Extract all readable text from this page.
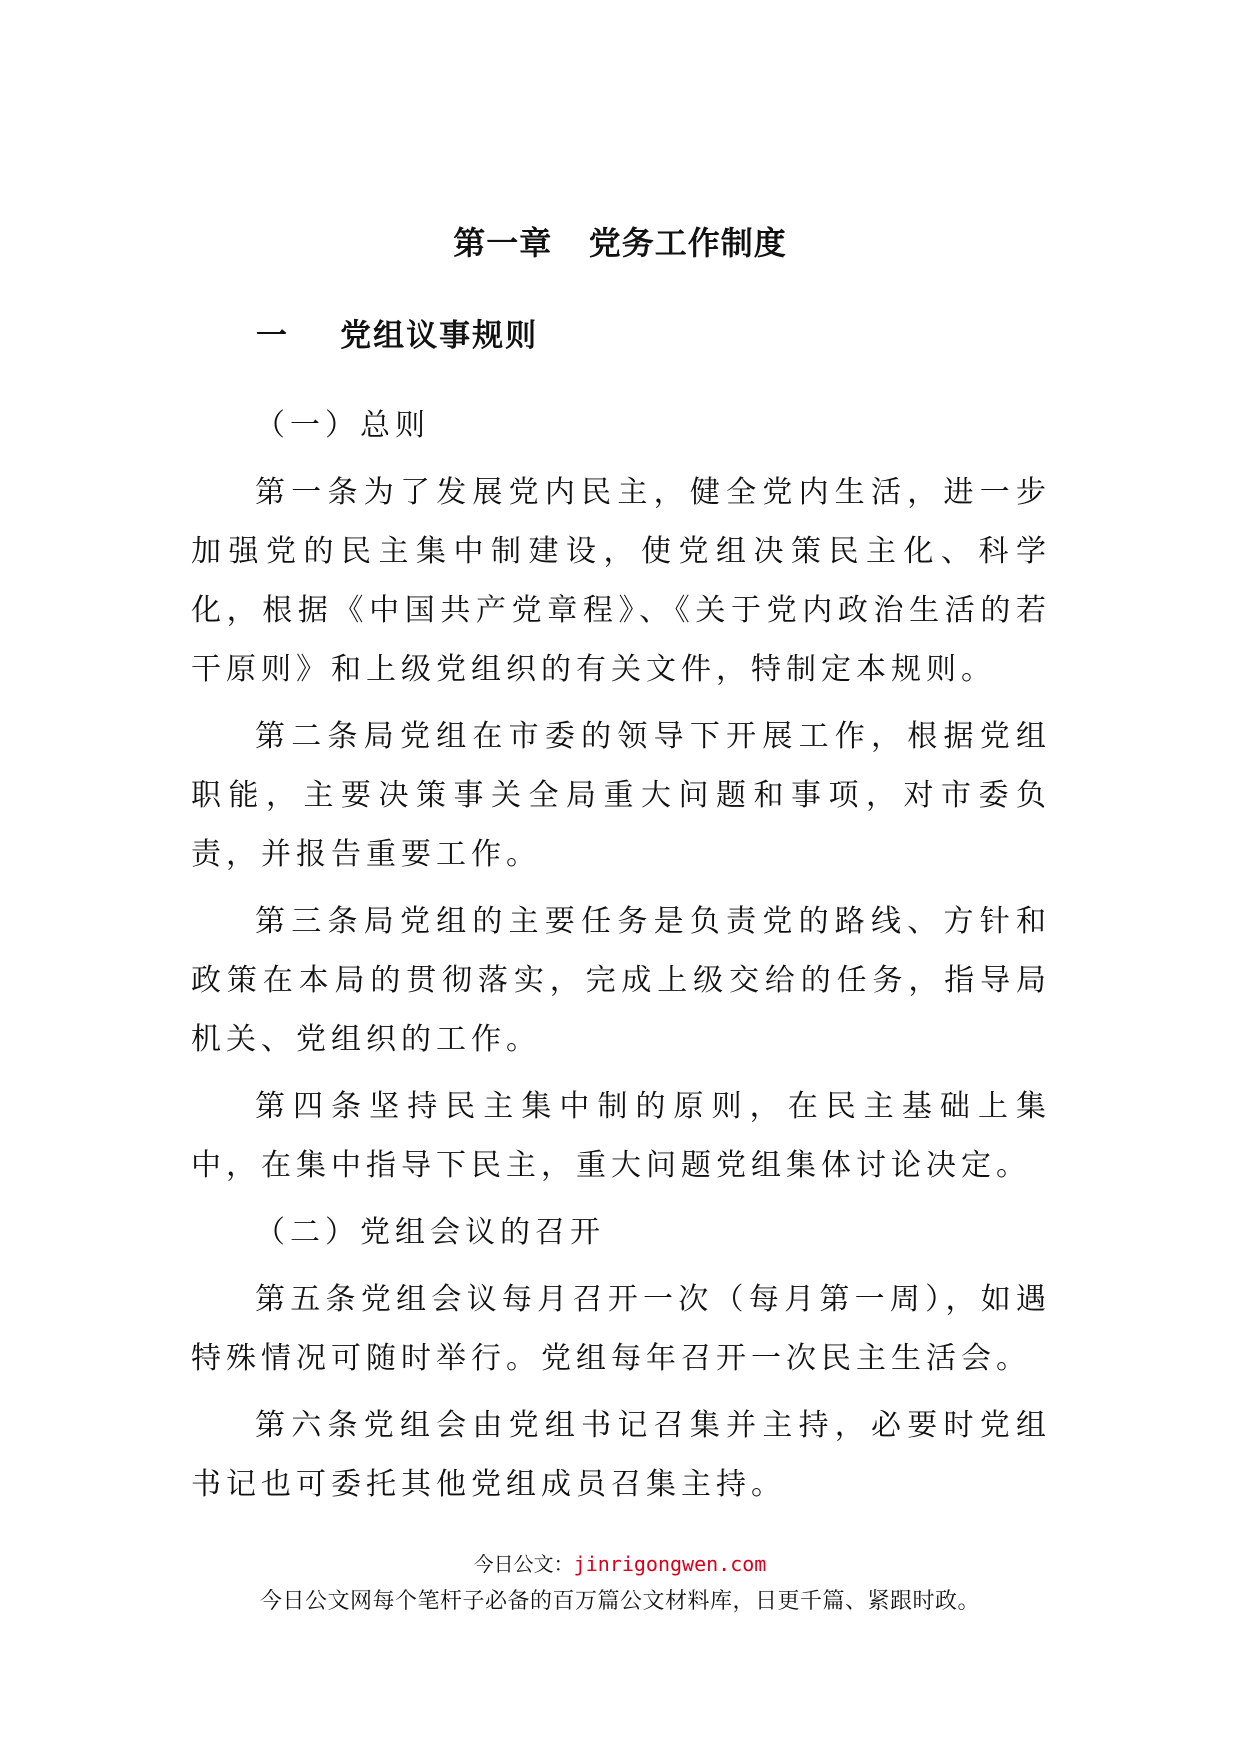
第一章   党务工作制度
一    党组议事规则

（一）总则

第一条为了发展党内民主，健全党内生活，进一步加强党的民主集中制建设，使党组决策民主化、科学化，根据《中国共产党章程》、《关于党内政治生活的若干原则》和上级党组织的有关文件，特制定本规则。

第二条局党组在市委的领导下开展工作，根据党组职能，主要决策事关全局重大问题和事项，对市委负责，并报告重要工作。

第三条局党组的主要任务是负责党的路线、方针和政策在本局的贯彻落实，完成上级交给的任务，指导局机关、党组织的工作。

第四条坚持民主集中制的原则，在民主基础上集中，在集中指导下民主，重大问题党组集体讨论决定。

（二）党组会议的召开

第五条党组会议每月召开一次（每月第一周），如遇特殊情况可随时举行。党组每年召开一次民主生活会。

第六条党组会由党组书记召集并主持，必要时党组书记也可委托其他党组成员召集主持。

今日公文：jinrigongwen.com
今日公文网每个笔杆子必备的百万篇公文材料库，日更千篇、紧跟时政。
